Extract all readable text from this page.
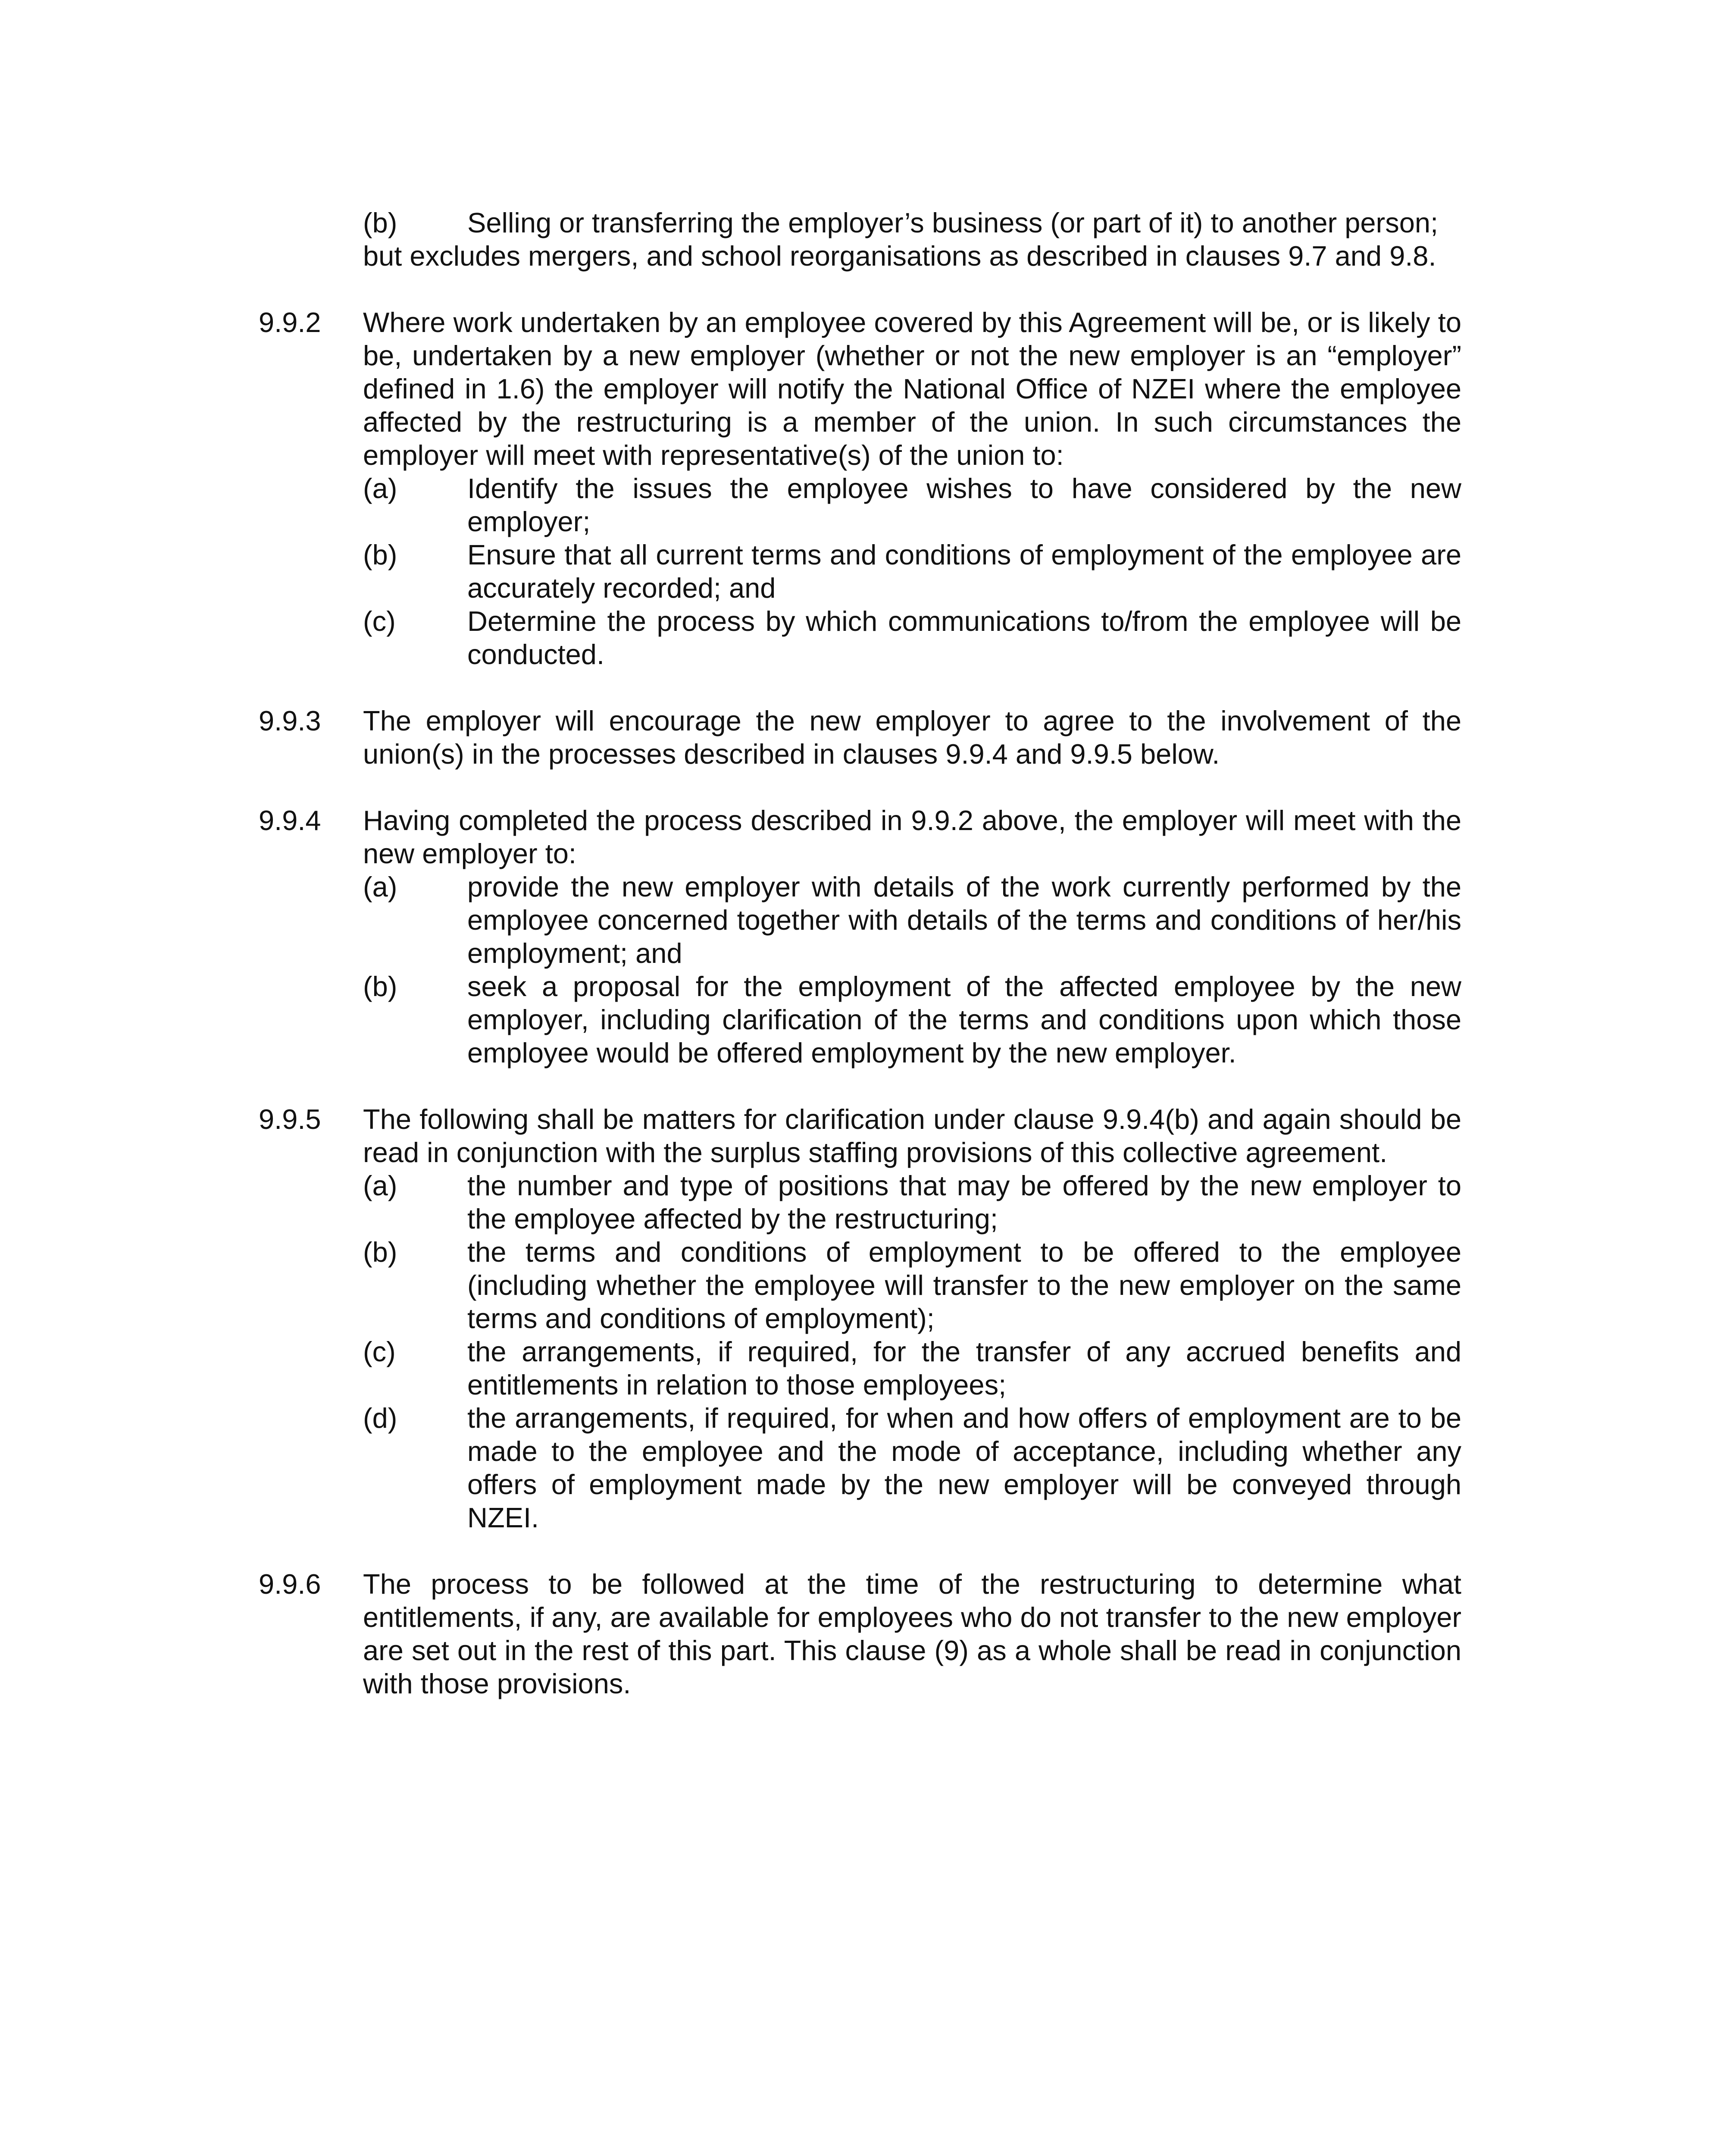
(b)	Selling or transferring the employer’s business (or part of it) to another person;

but excludes mergers, and school reorganisations as described in clauses 9.7 and 9.8.

9.9.2	Where work undertaken by an employee covered by this Agreement will be, or is likely to be, undertaken by a new employer (whether or not the new employer is an “employer” defined in 1.6) the employer will notify the National Office of NZEI where the employee affected by the restructuring is a member of the union. In such circumstances the employer will meet with representative(s) of the union to:

(a)	Identify the issues the employee wishes to have considered by the new employer;
(b)	Ensure that all current terms and conditions of employment of the employee are accurately recorded; and
(c)	Determine the process by which communications to/from the employee will be conducted.
9.9.3	The employer will encourage the new employer to agree to the involvement of the union(s) in the processes described in clauses 9.9.4 and 9.9.5 below.

9.9.4	Having completed the process described in 9.9.2 above, the employer will meet with the new employer to:

(a)	provide the new employer with details of the work currently performed by the employee concerned together with details of the terms and conditions of her/his employment; and
(b)	seek a proposal for the employment of the affected employee by the new employer, including clarification of the terms and conditions upon which those employee would be offered employment by the new employer.
9.9.5	The following shall be matters for clarification under clause 9.9.4(b) and again should be read in conjunction with the surplus staffing provisions of this collective agreement.

(a)	the number and type of positions that may be offered by the new employer to the employee affected by the restructuring;
(b)	the terms and conditions of employment to be offered to the employee (including whether the employee will transfer to the new employer on the same terms and conditions of employment);
(c)	the arrangements, if required, for the transfer of any accrued benefits and entitlements in relation to those employees;
(d)	the arrangements, if required, for when and how offers of employment are to be made to the employee and the mode of acceptance, including whether any offers of employment made by the new employer will be conveyed through NZEI.
9.9.6	The process to be followed at the time of the restructuring to determine what entitlements, if any, are available for employees who do not transfer to the new employer are set out in the rest of this part. This clause (9) as a whole shall be read in conjunction with those provisions.
